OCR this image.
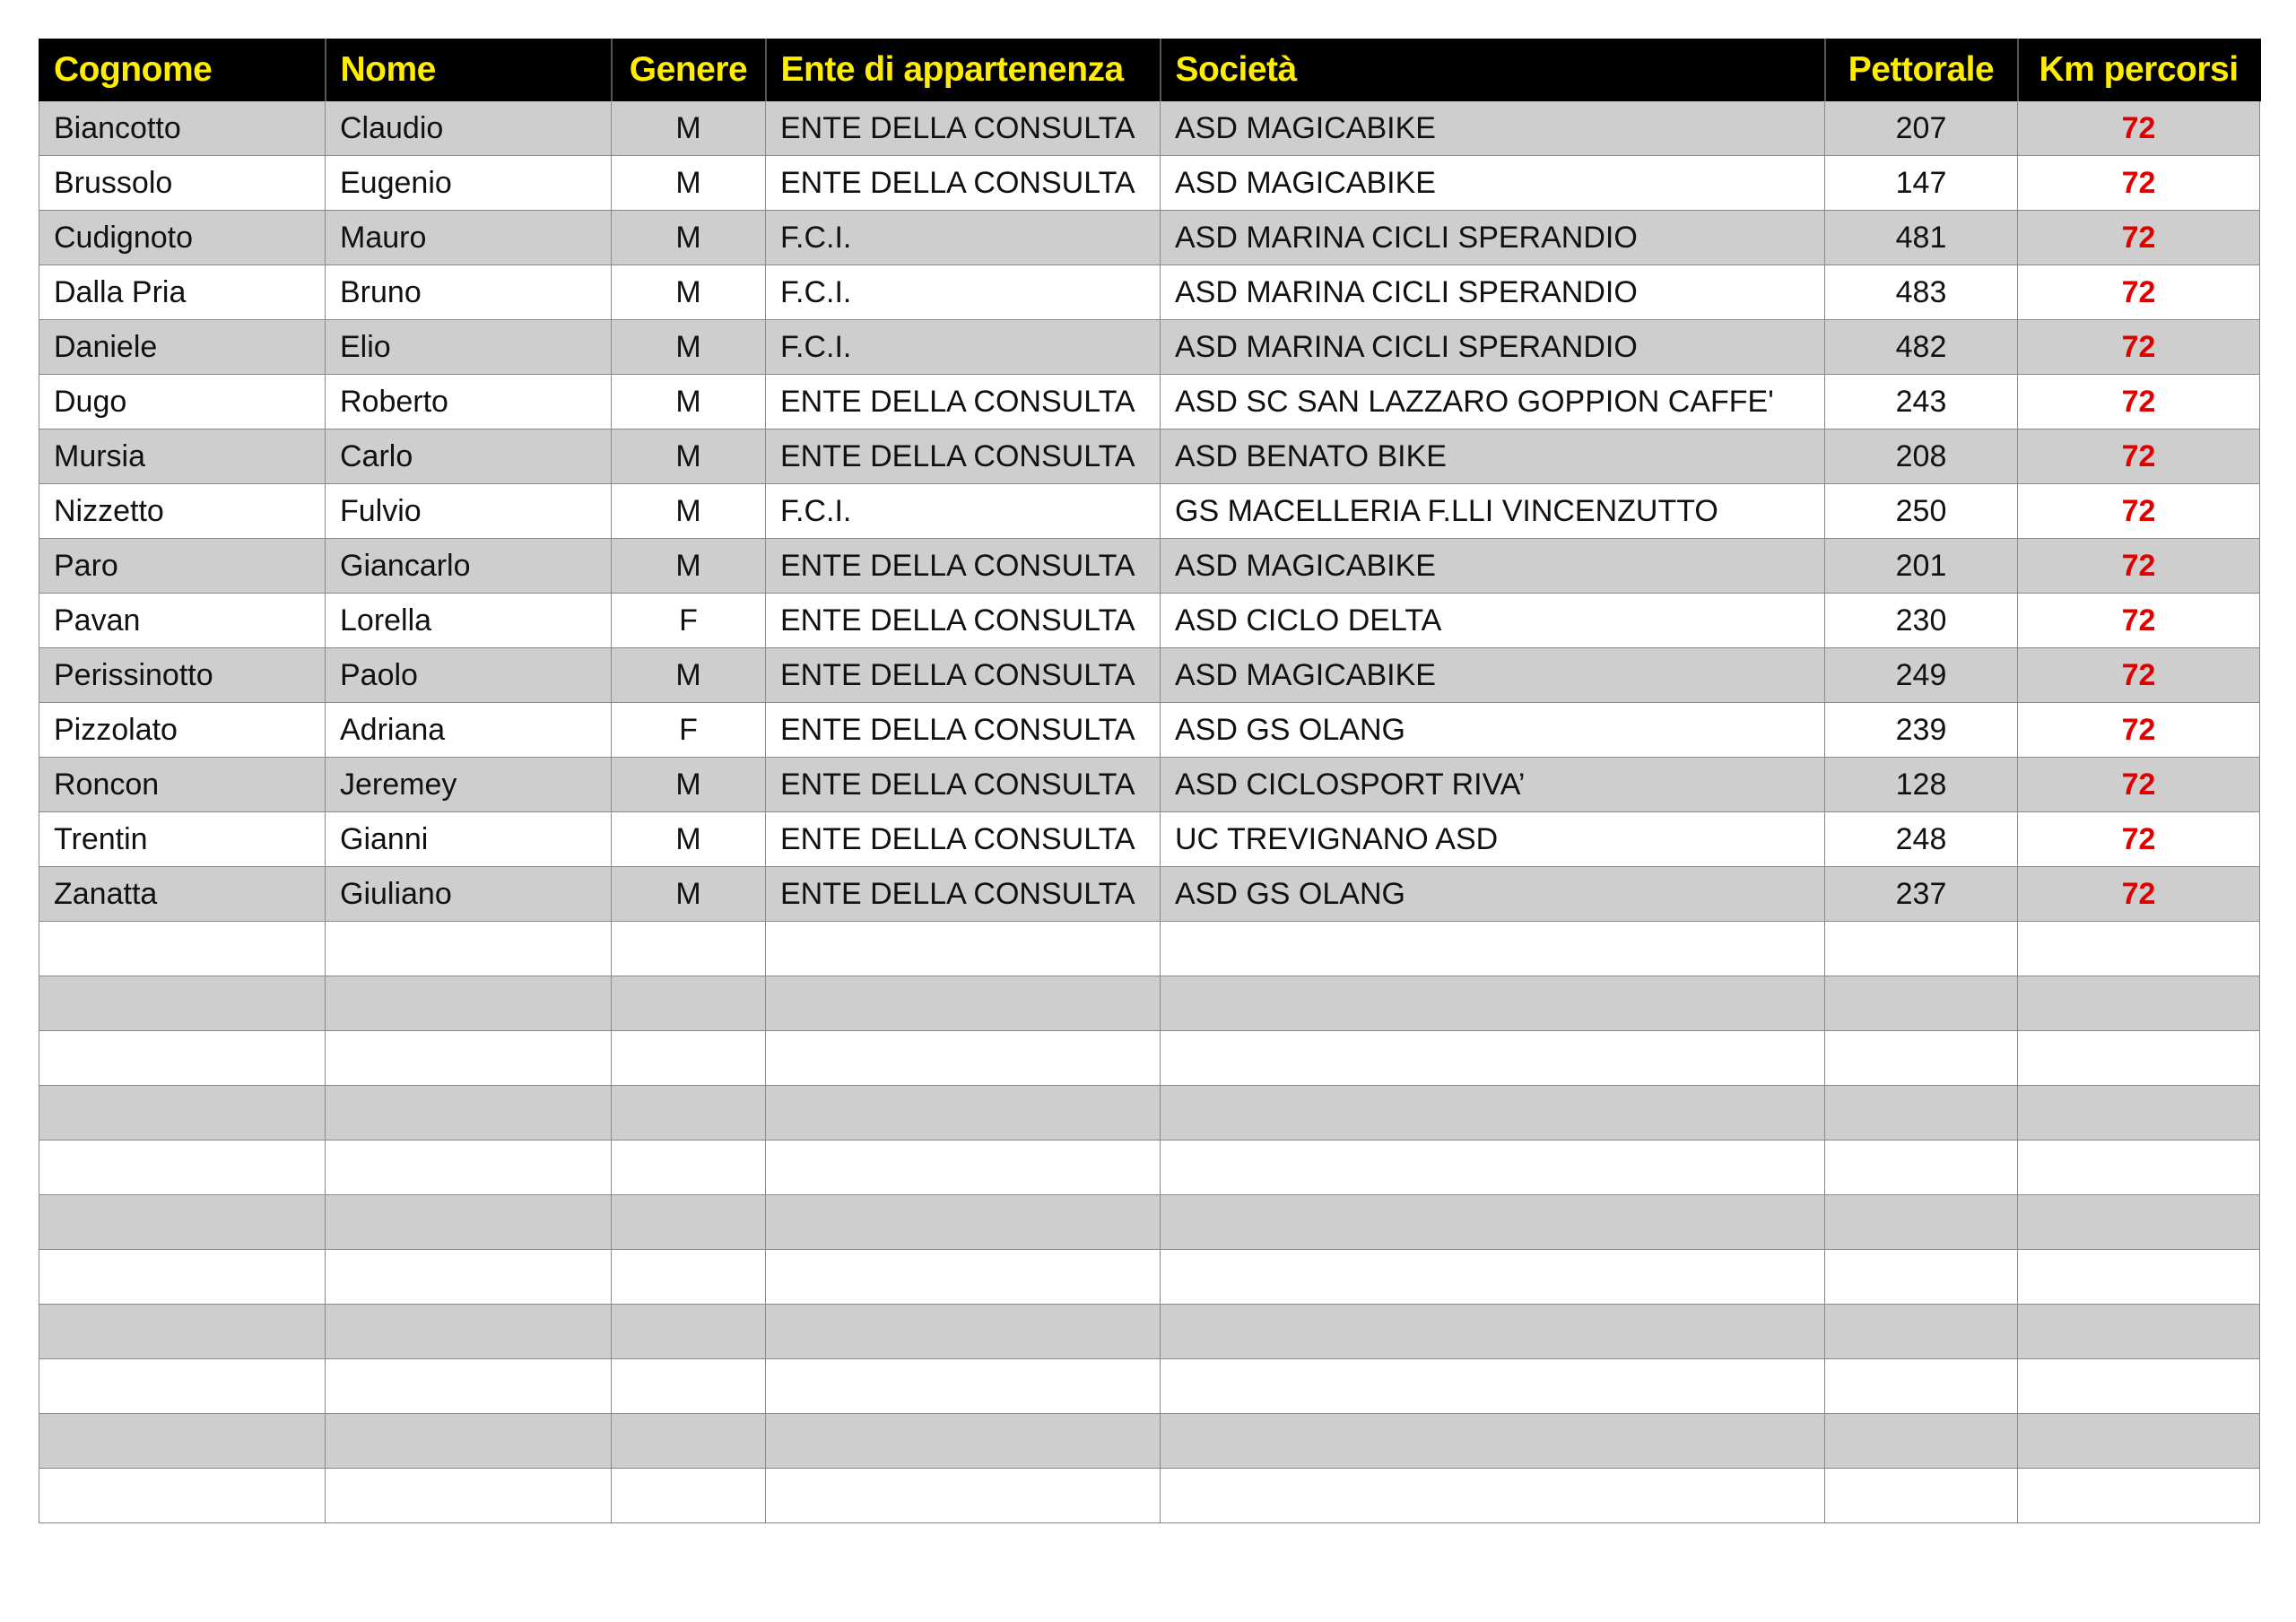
Cognome	Nome	Genere	Ente di appartenenza	Società	Pettorale	Km percorsi
Biancotto	Claudio	M	ENTE DELLA CONSULTA	ASD MAGICABIKE	207	72
Brussolo	Eugenio	M	ENTE DELLA CONSULTA	ASD MAGICABIKE	147	72
Cudignoto	Mauro	M	F.C.I.	ASD MARINA CICLI SPERANDIO	481	72
Dalla Pria	Bruno	M	F.C.I.	ASD MARINA CICLI SPERANDIO	483	72
Daniele	Elio	M	F.C.I.	ASD MARINA CICLI SPERANDIO	482	72
Dugo	Roberto	M	ENTE DELLA CONSULTA	ASD SC SAN LAZZARO GOPPION CAFFE'	243	72
Mursia	Carlo	M	ENTE DELLA CONSULTA	ASD BENATO BIKE	208	72
Nizzetto	Fulvio	M	F.C.I.	GS MACELLERIA F.LLI VINCENZUTTO	250	72
Paro	Giancarlo	M	ENTE DELLA CONSULTA	ASD MAGICABIKE	201	72
Pavan	Lorella	F	ENTE DELLA CONSULTA	ASD CICLO DELTA	230	72
Perissinotto	Paolo	M	ENTE DELLA CONSULTA	ASD MAGICABIKE	249	72
Pizzolato	Adriana	F	ENTE DELLA CONSULTA	ASD GS OLANG	239	72
Roncon	Jeremey	M	ENTE DELLA CONSULTA	ASD CICLOSPORT RIVA’	128	72
Trentin	Gianni	M	ENTE DELLA CONSULTA	UC TREVIGNANO ASD	248	72
Zanatta	Giuliano	M	ENTE DELLA CONSULTA	ASD GS OLANG	237	72
